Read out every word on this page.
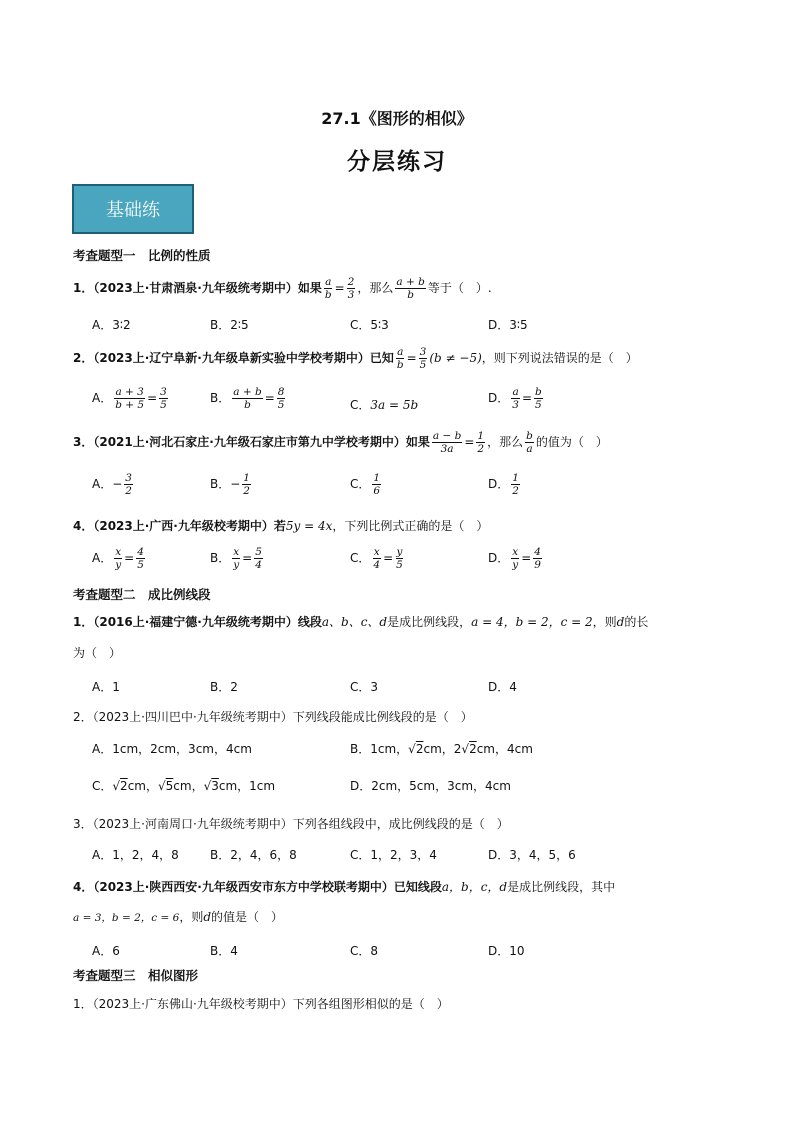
27.1《图形的相似》
分层练习
基础练
考查题型一　比例的性质
1．（2023上·甘肃酒泉·九年级统考期中）如果 $\frac{a}{b} = \frac{2}{3}$ ，那么 $\frac{a + b}{b}$ 等于（　）.
A．3∶2	B．2∶5	C．5∶3	D．3∶5
2．（2023上·辽宁阜新·九年级阜新实验中学校考期中）已知 $\frac{a}{b} = \frac{3}{5} (b \ne -5)$，则下列说法错误的是（　）
A． $\frac{a + 3}{b + 5} = \frac{3}{5}$	B． $\frac{a + b}{b} = \frac{8}{5}$	C．3a = 5b	D． $\frac{a}{3} = \frac{b}{5}$
3．（2021上·河北石家庄·九年级石家庄市第九中学校考期中）如果 $\frac{a - b}{3a} = \frac{1}{2}$ ，那么 $\frac{b}{a}$ 的值为（　）
A．− $\frac{3}{2}$	B．− $\frac{1}{2}$	C． $\frac{1}{6}$	D． $\frac{1}{2}$
4．（2023上·广西·九年级校考期中）若5y = 4x，下列比例式正确的是（　）
A． $\frac{x}{y} = \frac{4}{5}$	B． $\frac{x}{y} = \frac{5}{4}$	C． $\frac{x}{4} = \frac{y}{5}$	D． $\frac{x}{y} = \frac{4}{9}$
考查题型二　成比例线段
1．（2016上·福建宁德·九年级统考期中）线段a、b、c、d是成比例线段，a = 4，b = 2，c = 2，则d的长
为（　）
A．1	B．2	C．3	D．4
2．（2023上·四川巴中·九年级统考期中）下列线段能成比例线段的是（　）
A．1cm，2cm，3cm，4cm	B．1cm，√2cm，2√2cm，4cm
C．√2cm，√5cm，√3cm，1cm	D．2cm，5cm，3cm，4cm
3．（2023上·河南周口·九年级统考期中）下列各组线段中，成比例线段的是（　）
A．1，2，4，8	B．2，4，6，8	C．1，2，3，4	D．3，4，5，6
4．（2023上·陕西西安·九年级西安市东方中学校联考期中）已知线段a，b，c，d是成比例线段，其中
a = 3，b = 2，c = 6，则d的值是（　）
A．6	B．4	C．8	D．10
考查题型三　相似图形
1．（2023上·广东佛山·九年级校考期中）下列各组图形相似的是（　）
